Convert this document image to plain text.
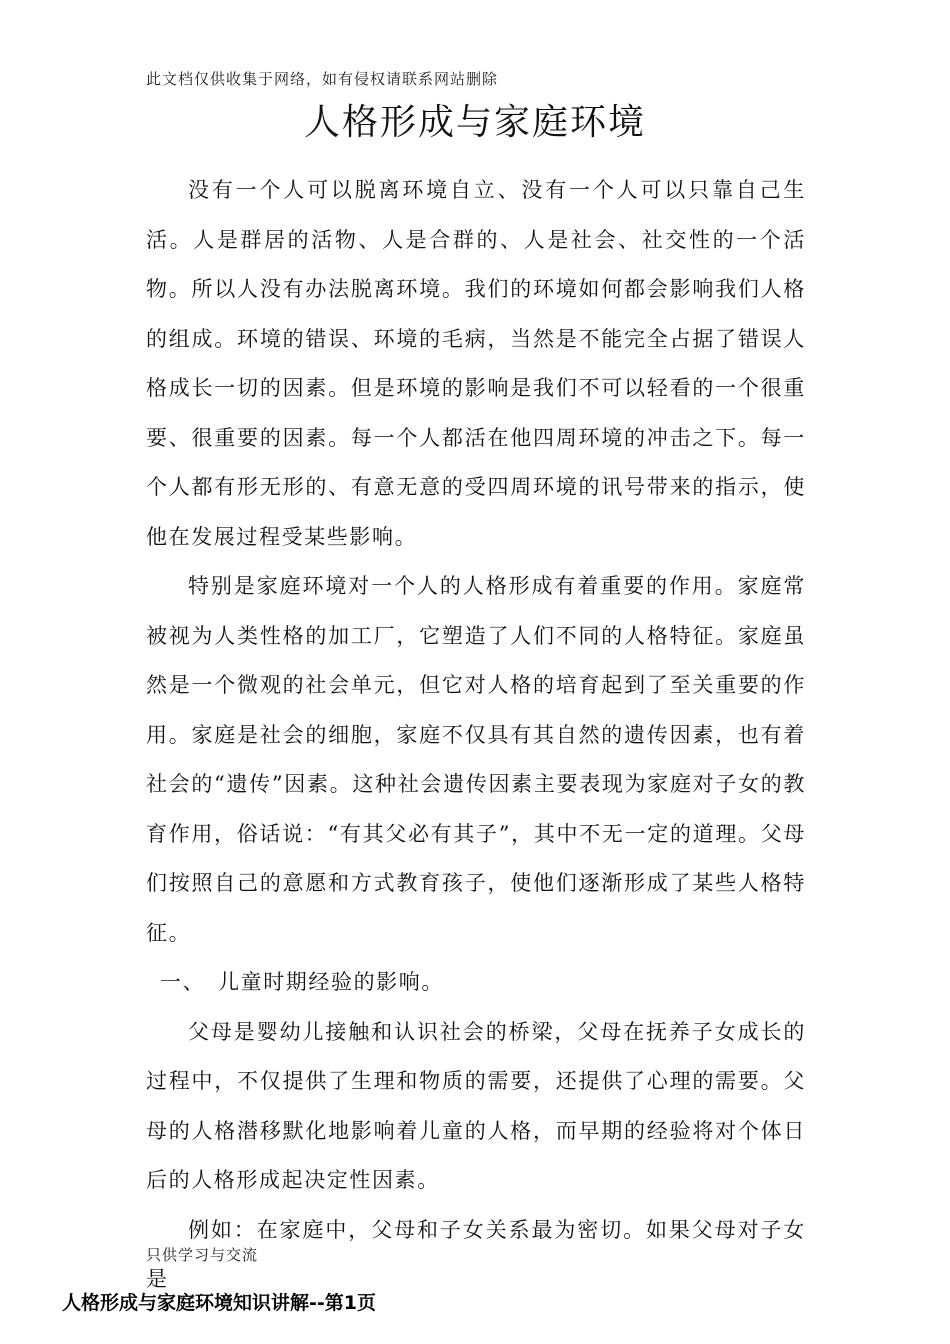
此文档仅供收集于网络，如有侵权请联系网站删除
人格形成与家庭环境

没有一个人可以脱离环境自立、没有一个人可以只靠自己生活。人是群居的活物、人是合群的、人是社会、社交性的一个活物。所以人没有办法脱离环境。我们的环境如何都会影响我们人格的组成。环境的错误、环境的毛病，当然是不能完全占据了错误人格成长一切的因素。但是环境的影响是我们不可以轻看的一个很重要、很重要的因素。每一个人都活在他四周环境的冲击之下。每一个人都有形无形的、有意无意的受四周环境的讯号带来的指示，使他在发展过程受某些影响。

特别是家庭环境对一个人的人格形成有着重要的作用。家庭常被视为人类性格的加工厂，它塑造了人们不同的人格特征。家庭虽然是一个微观的社会单元，但它对人格的培育起到了至关重要的作用。家庭是社会的细胞，家庭不仅具有其自然的遗传因素，也有着社会的“遗传”因素。这种社会遗传因素主要表现为家庭对子女的教育作用，俗话说：“有其父必有其子”，其中不无一定的道理。父母们按照自己的意愿和方式教育孩子，使他们逐渐形成了某些人格特征。

一、 儿童时期经验的影响。

父母是婴幼儿接触和认识社会的桥梁，父母在抚养子女成长的过程中，不仅提供了生理和物质的需要，还提供了心理的需要。父母的人格潜移默化地影响着儿童的人格，而早期的经验将对个体日后的人格形成起决定性因素。

例如：在家庭中，父母和子女关系最为密切。如果父母对子女是

只供学习与交流
人格形成与家庭环境知识讲解--第1页
